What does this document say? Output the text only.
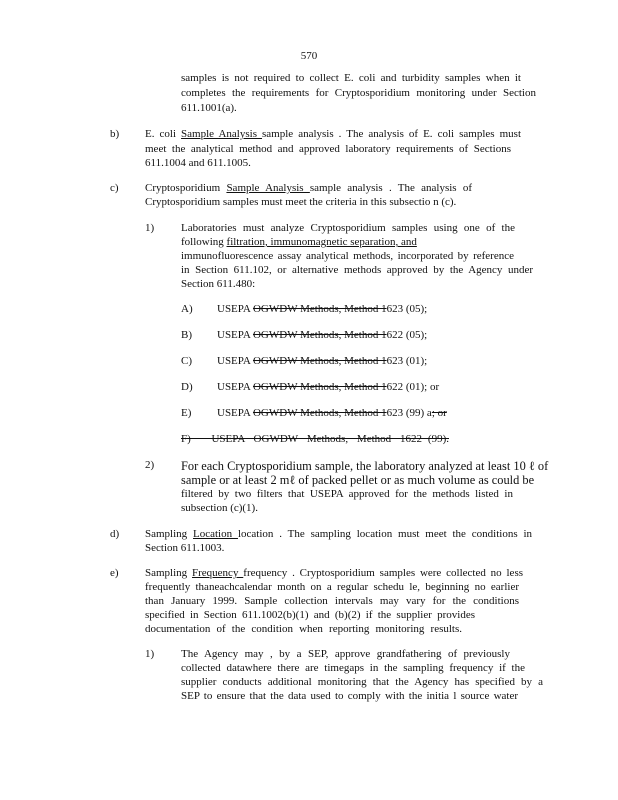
570
samples is not required to collect E. coli and turbidity samples when it
completes the requirements for Cryptosporidium monitoring under Section
611.1001(a).
b) E. coli Sample Analysis sample analysis . The analysis of E. coli samples must
meet the analytical method and approved laboratory requirements of Sections
611.1004 and 611.1005.
c) Cryptosporidium Sample Analysis sample analysis . The analysis of
Cryptosporidium samples must meet the criteria in this subsectio n (c).
1) Laboratories must analyze Cryptosporidium samples using one of the
following filtration, immunomagnetic separation, and
immunofluorescence assay analytical methods, incorporated by reference
in Section 611.102, or alternative methods approved by the Agency under
Section 611.480:
A) USEPA OGWDW Methods, Method 1623 (05);
B) USEPA OGWDW Methods, Method 1622 (05);
C) USEPA OGWDW Methods, Method 1623 (01);
D) USEPA OGWDW Methods, Method 1622 (01); or
E) USEPA OGWDW Methods, Method 1623 (99) a; or
F)       USEPA   OGWDW   Methods,   Method   1622  (99).
2) For each Cryptosporidium sample, the laboratory analyzed at least 10 ℓ of
sample or at least 2 mℓ of packed pellet or as much volume as could be
filtered by two filters that USEPA approved for the methods listed in
subsection (c)(1).
d) Sampling Location location . The sampling location must meet the conditions in
Section 611.1003.
e) Sampling Frequency frequency . Cryptosporidium samples were collected no less
frequently thaneachcalendar month on a regular schedu le, beginning no earlier
than January 1999. Sample collection intervals may vary for the conditions
specified in Section 611.1002(b)(1) and (b)(2) if the supplier provides
documentation of the condition when reporting monitoring results.
1) The Agency may , by a SEP, approve grandfathering of previously
collected datawhere there are timegaps in the sampling frequency if the
supplier conducts additional monitoring that the Agency has specified by a
SEP to ensure that the data used to comply with the initia l source water
